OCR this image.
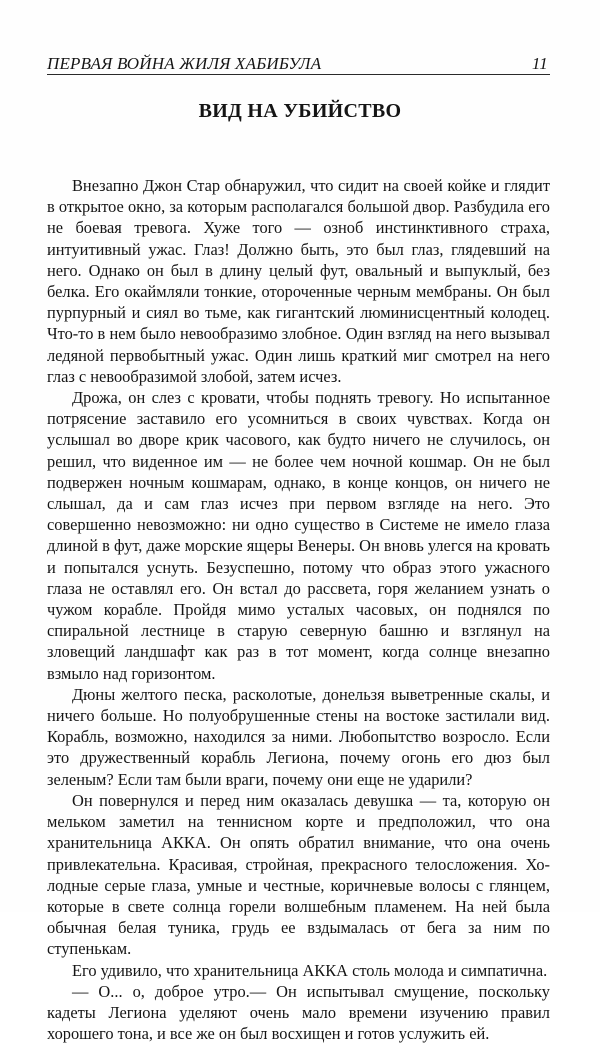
ПЕРВАЯ ВОЙНА ЖИЛЯ ХАБИБУЛА	11
ВИД НА УБИЙСТВО

Внезапно Джон Стар обнаружил, что сидит на своей койке и глядит в открытое окно, за которым располагался большой двор. Разбудила его не боевая тревога. Хуже того — озноб инстинктивного страха, интуитивный ужас. Глаз! Должно быть, это был глаз, глядевший на него. Однако он был в длину целый фут, овальный и выпуклый, без белка. Его окаймляли тонкие, отороченные черным мембраны. Он был пурпурный и сиял во тьме, как гигантский люминисцентный колодец. Что-то в нем было невообразимо злобное. Один взгляд на него вызывал ледяной первобытный ужас. Один лишь краткий миг смотрел на него глаз с невообразимой злобой, затем исчез.

Дрожа, он слез с кровати, чтобы поднять тревогу. Но испытанное потрясение заставило его усомниться в своих чувствах. Когда он услышал во дворе крик часового, как будто ничего не случилось, он решил, что виденное им — не более чем ночной кошмар. Он не был подвержен ночным кошмарам, однако, в конце концов, он ничего не слышал, да и сам глаз исчез при первом взгляде на него. Это совершенно невозможно: ни одно существо в Системе не имело глаза длиной в фут, даже морские ящеры Венеры. Он вновь улегся на кровать и попытался уснуть. Безуспешно, потому что образ этого ужасного глаза не оставлял его. Он встал до рассвета, горя желанием узнать о чужом корабле. Пройдя мимо усталых часовых, он поднялся по спиральной лестнице в старую северную башню и взглянул на зловещий ландшафт как раз в тот момент, когда солнце внезапно взмыло над горизонтом.

Дюны желтого песка, расколотые, донельзя выветренные скалы, и ничего больше. Но полуобрушенные стены на востоке застилали вид. Корабль, возможно, находился за ними. Любопытство возросло. Если это дружественный корабль Легиона, почему огонь его дюз был зеленым? Если там были враги, почему они еще не ударили?

Он повернулся и перед ним оказалась девушка — та, которую он мельком заметил на теннисном корте и предположил, что она хранительница АККА. Он опять обратил внимание, что она очень привлекательна. Красивая, стройная, прекрасного телосложения. Холодные серые глаза, умные и честные, коричневые волосы с глянцем, которые в свете солнца горели волшебным пламенем. На ней была обычная белая туника, грудь ее вздымалась от бега за ним по ступенькам.

Его удивило, что хранительница АККА столь молода и симпатична.

— О... о, доброе утро.— Он испытывал смущение, поскольку кадеты Легиона уделяют очень мало времени изучению правил хорошего тона, и все же он был восхищен и готов услужить ей.
